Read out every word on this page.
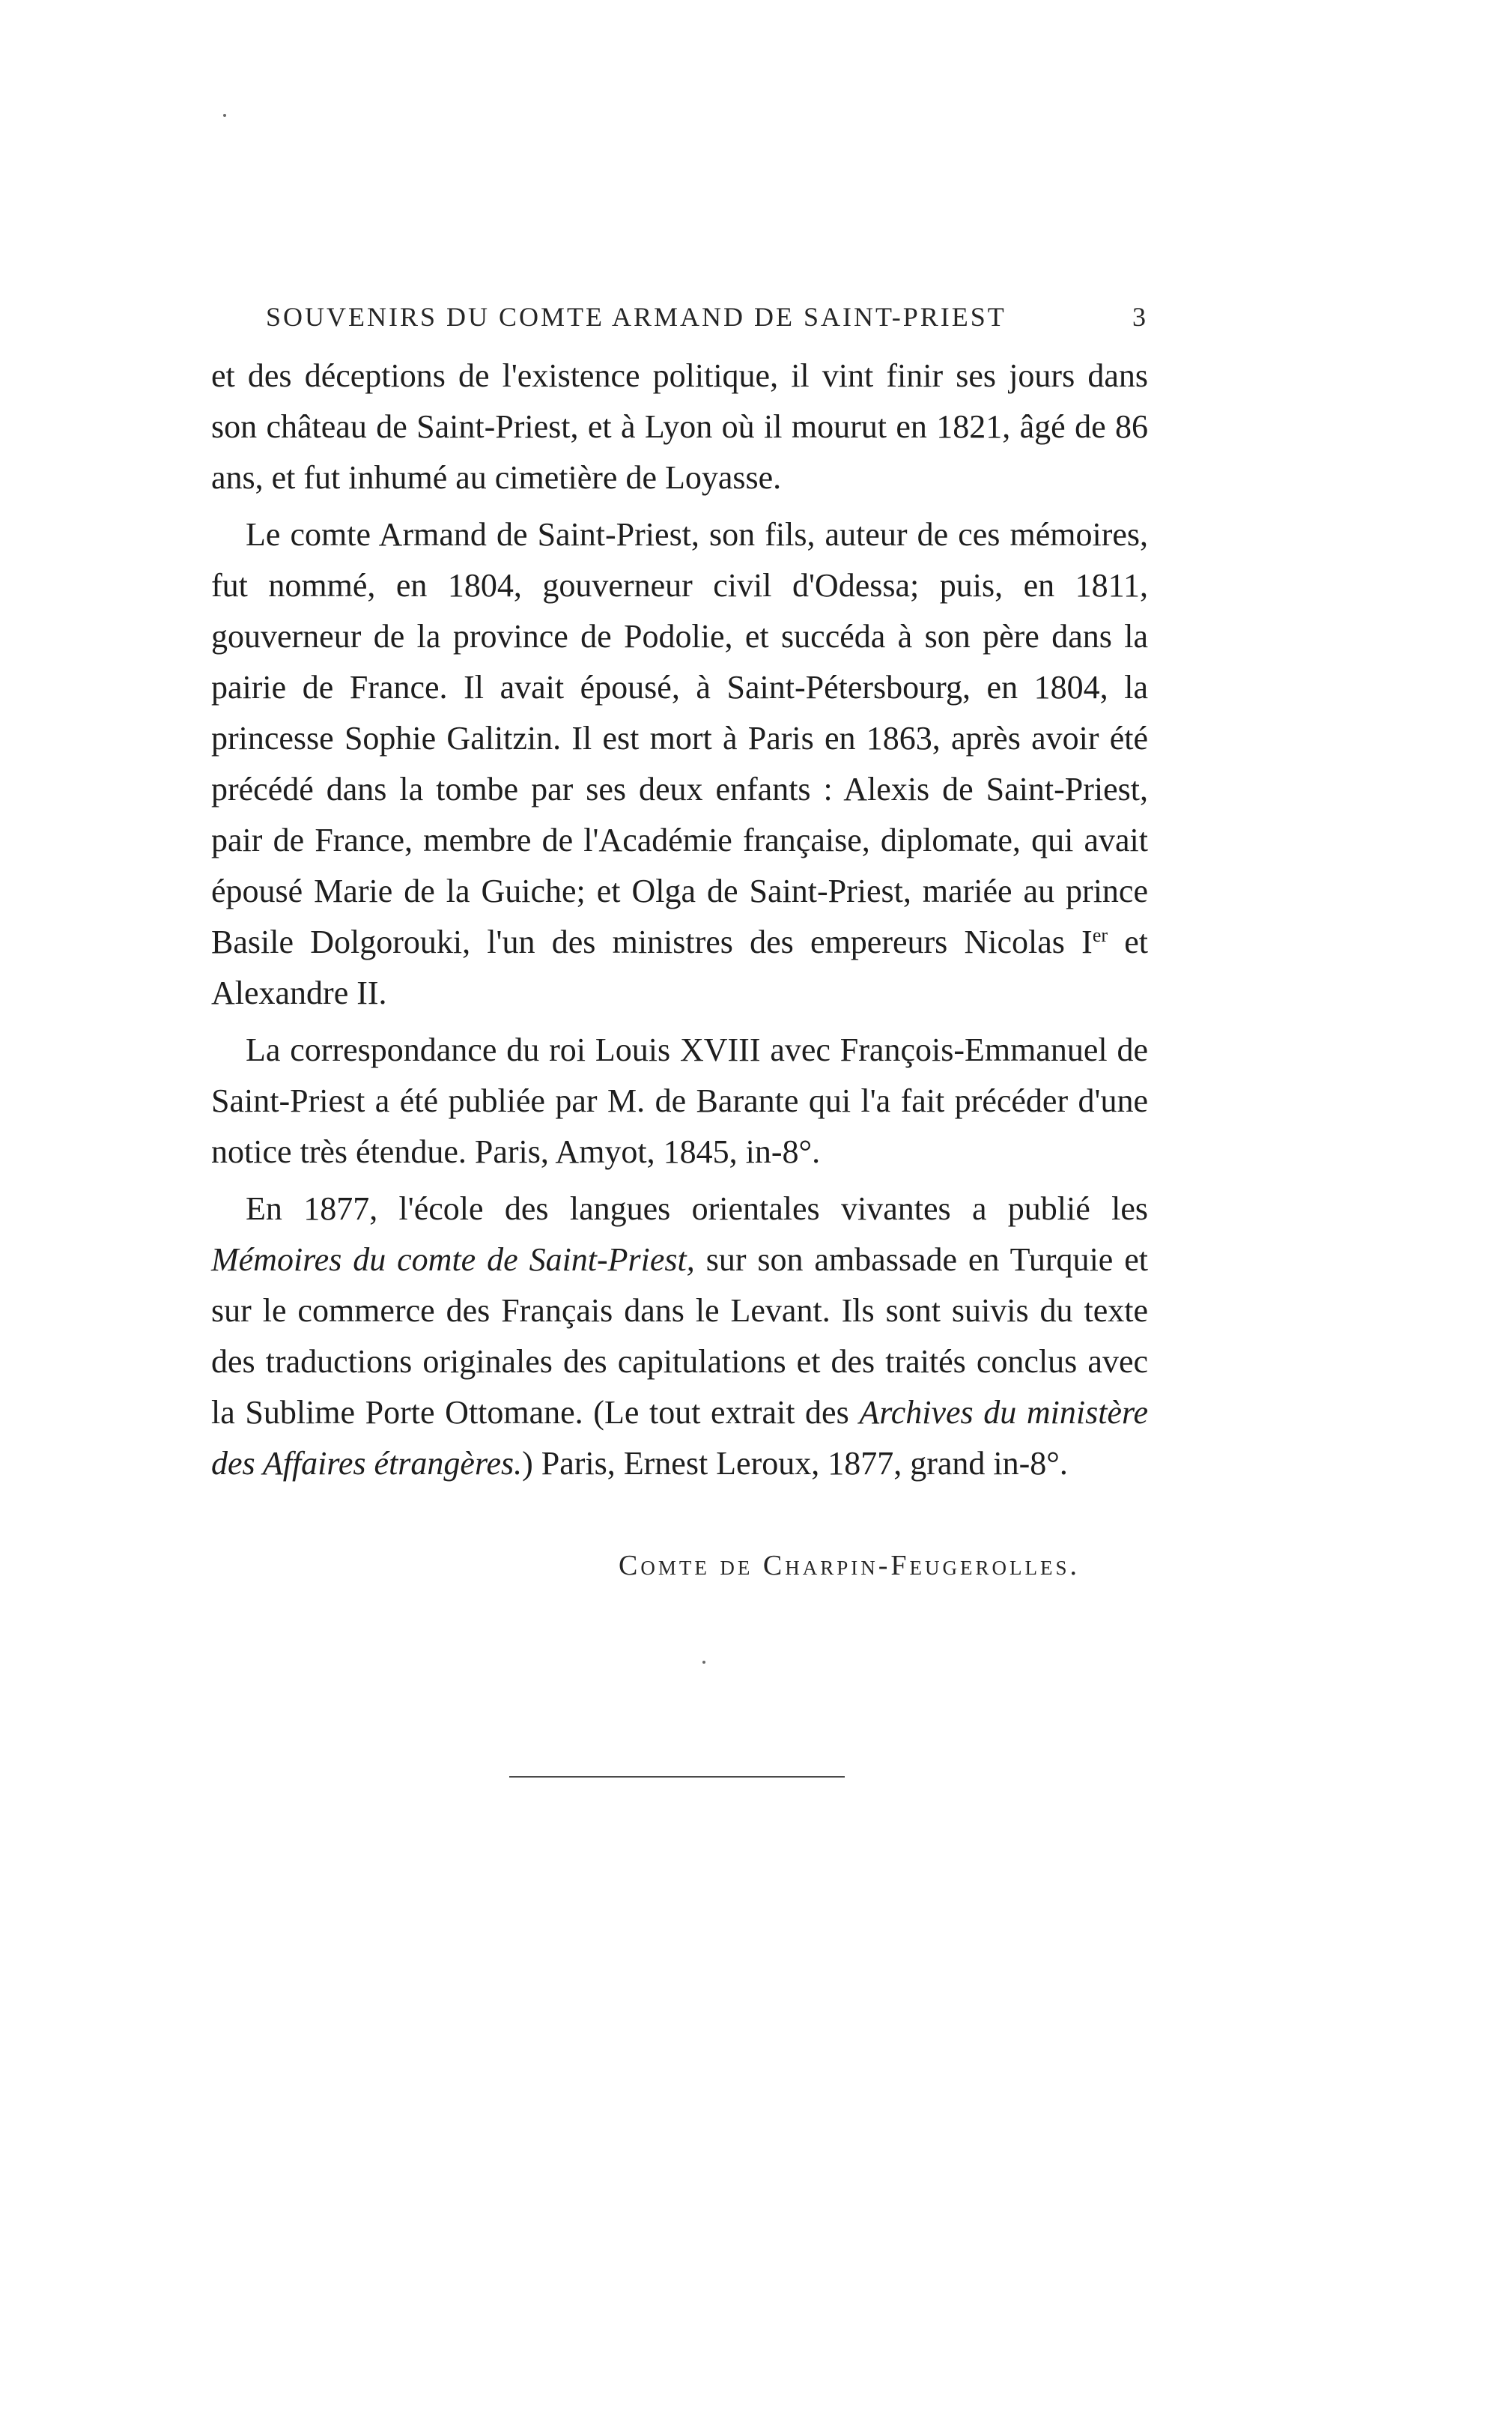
SOUVENIRS DU COMTE ARMAND DE SAINT-PRIEST	3

et des déceptions de l'existence politique, il vint finir ses jours dans son château de Saint-Priest, et à Lyon où il mourut en 1821, âgé de 86 ans, et fut inhumé au cimetière de Loyasse.

Le comte Armand de Saint-Priest, son fils, auteur de ces mémoires, fut nommé, en 1804, gouverneur civil d'Odessa; puis, en 1811, gouverneur de la province de Podolie, et succéda à son père dans la pairie de France. Il avait épousé, à Saint-Pétersbourg, en 1804, la princesse Sophie Galitzin. Il est mort à Paris en 1863, après avoir été précédé dans la tombe par ses deux enfants : Alexis de Saint-Priest, pair de France, membre de l'Académie française, diplomate, qui avait épousé Marie de la Guiche; et Olga de Saint-Priest, mariée au prince Basile Dolgorouki, l'un des ministres des empereurs Nicolas Ier et Alexandre II.

La correspondance du roi Louis XVIII avec François-Emmanuel de Saint-Priest a été publiée par M. de Barante qui l'a fait précéder d'une notice très étendue. Paris, Amyot, 1845, in-8°.

En 1877, l'école des langues orientales vivantes a publié les Mémoires du comte de Saint-Priest, sur son ambassade en Turquie et sur le commerce des Français dans le Levant. Ils sont suivis du texte des traductions originales des capitulations et des traités conclus avec la Sublime Porte Ottomane. (Le tout extrait des Archives du ministère des Affaires étrangères.) Paris, Ernest Leroux, 1877, grand in-8°.

Comte de Charpin-Feugerolles.
